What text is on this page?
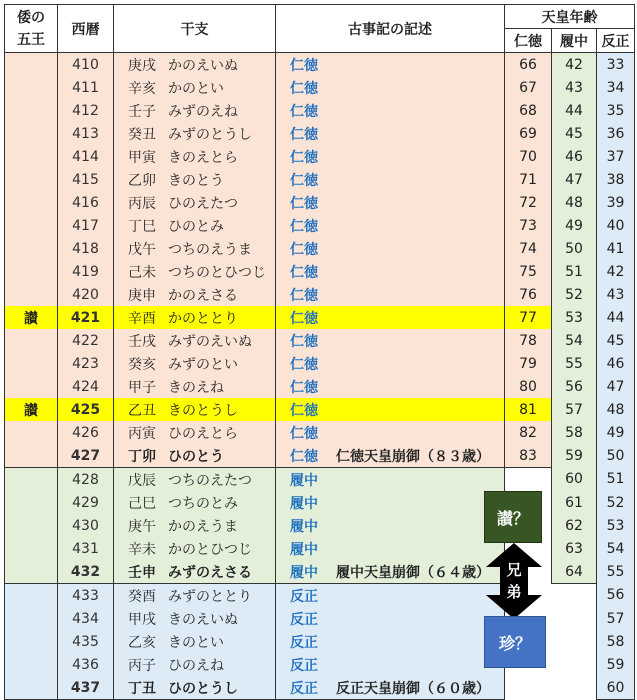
倭の
五王	西暦	干支	古事記の記述	天皇年齢		
				仁徳	履中	反正
	410	庚戌 かのえいぬ	仁徳	66	42	33
	411	辛亥 かのとい	仁徳	67	43	34
	412	壬子 みずのえね	仁徳	68	44	35
	413	癸丑 みずのとうし	仁徳	69	45	36
	414	甲寅 きのえとら	仁徳	70	46	37
	415	乙卯 きのとう	仁徳	71	47	38
	416	丙辰 ひのえたつ	仁徳	72	48	39
	417	丁巳 ひのとみ	仁徳	73	49	40
	418	戊午 つちのえうま	仁徳	74	50	41
	419	己未 つちのとひつじ	仁徳	75	51	42
	420	庚申 かのえさる	仁徳	76	52	43
讃	421	辛酉 かのととり	仁徳	77	53	44
	422	壬戌 みずのえいぬ	仁徳	78	54	45
	423	癸亥 みずのとい	仁徳	79	55	46
	424	甲子 きのえね	仁徳	80	56	47
讃	425	乙丑 きのとうし	仁徳	81	57	48
	426	丙寅 ひのえとら	仁徳	82	58	49
	427	丁卯 ひのとう	仁徳 仁徳天皇崩御（８３歳）	83	59	50
	428	戊辰 つちのえたつ	履中		60	51
	429	己巳 つちのとみ	履中		61	52
	430	庚午 かのえうま	履中		62	53
	431	辛未 かのとひつじ	履中		63	54
	432	壬申 みずのえさる	履中 履中天皇崩御（６４歳）		64	55
	433	癸酉 みずのととり	反正			56
	434	甲戌 きのえいぬ	反正			57
	435	乙亥 きのとい	反正			58
	436	丙子 ひのえね	反正			59
	437	丁丑 ひのとうし	反正 反正天皇崩御（６０歳）			60
讃？
兄
弟
珍？
